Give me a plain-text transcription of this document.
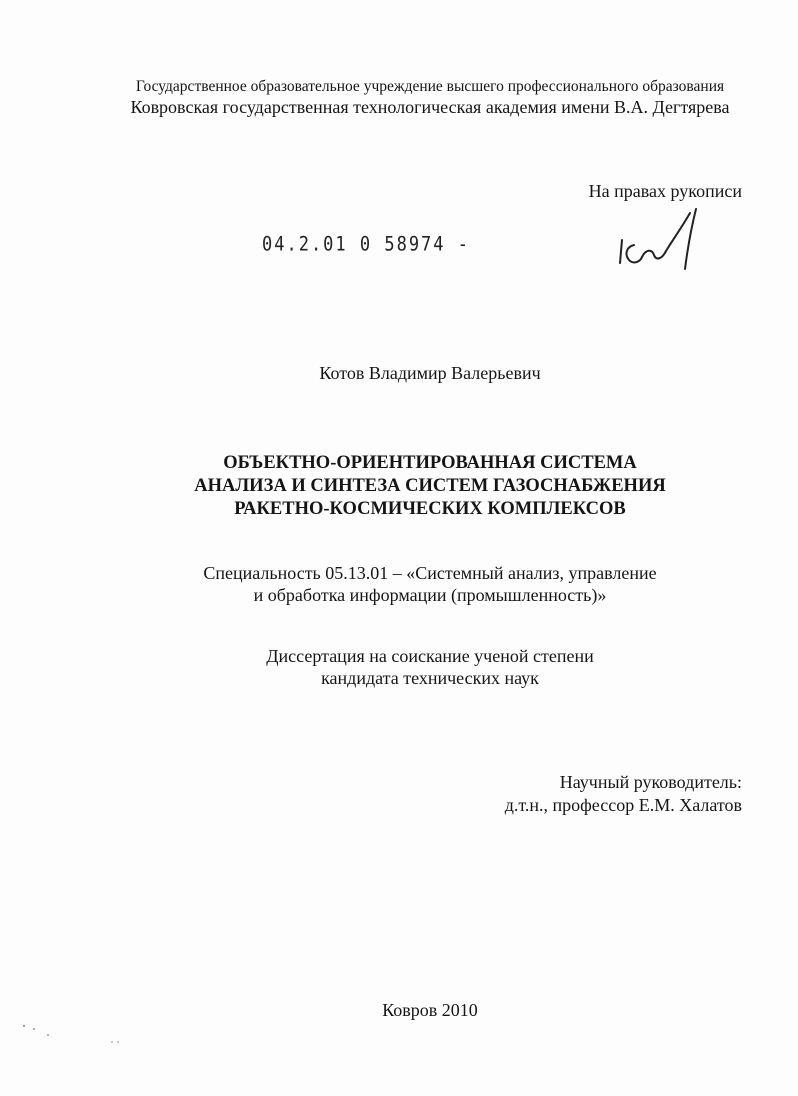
Государственное образовательное учреждение высшего профессионального образования
Ковровская государственная технологическая академия имени В.А. Дегтярева
На правах рукописи
04.2.01 0 58974 -
Котов Владимир Валерьевич
ОБЪЕКТНО-ОРИЕНТИРОВАННАЯ СИСТЕМА
АНАЛИЗА И СИНТЕЗА СИСТЕМ ГАЗОСНАБЖЕНИЯ
РАКЕТНО-КОСМИЧЕСКИХ КОМПЛЕКСОВ
Специальность 05.13.01 – «Системный анализ, управление
и обработка информации (промышленность)»
Диссертация на соискание ученой степени
кандидата технических наук
Научный руководитель:
д.т.н., профессор Е.М. Халатов
Ковров 2010
